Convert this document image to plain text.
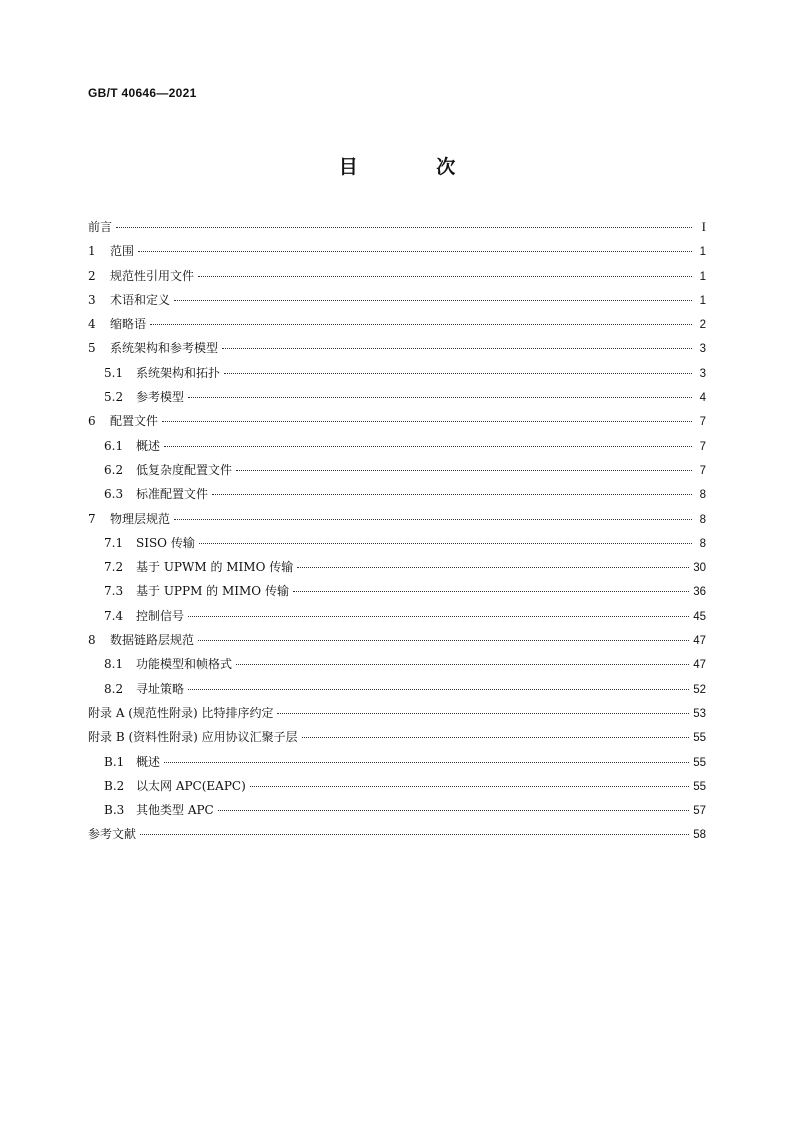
GB/T 40646—2021
目 次
前言	I
1	范围	1
2	规范性引用文件	1
3	术语和定义	1
4	缩略语	2
5	系统架构和参考模型	3
5.1	系统架构和拓扑	3
5.2	参考模型	4
6	配置文件	7
6.1	概述	7
6.2	低复杂度配置文件	7
6.3	标准配置文件	8
7	物理层规范	8
7.1	SISO 传输	8
7.2	基于 UPWM 的 MIMO 传输	30
7.3	基于 UPPM 的 MIMO 传输	36
7.4	控制信号	45
8	数据链路层规范	47
8.1	功能模型和帧格式	47
8.2	寻址策略	52
附录 A (规范性附录) 比特排序约定	53
附录 B (资料性附录) 应用协议汇聚子层	55
B.1 概述	55
B.2 以太网 APC(EAPC)	55
B.3 其他类型 APC	57
参考文献	58
